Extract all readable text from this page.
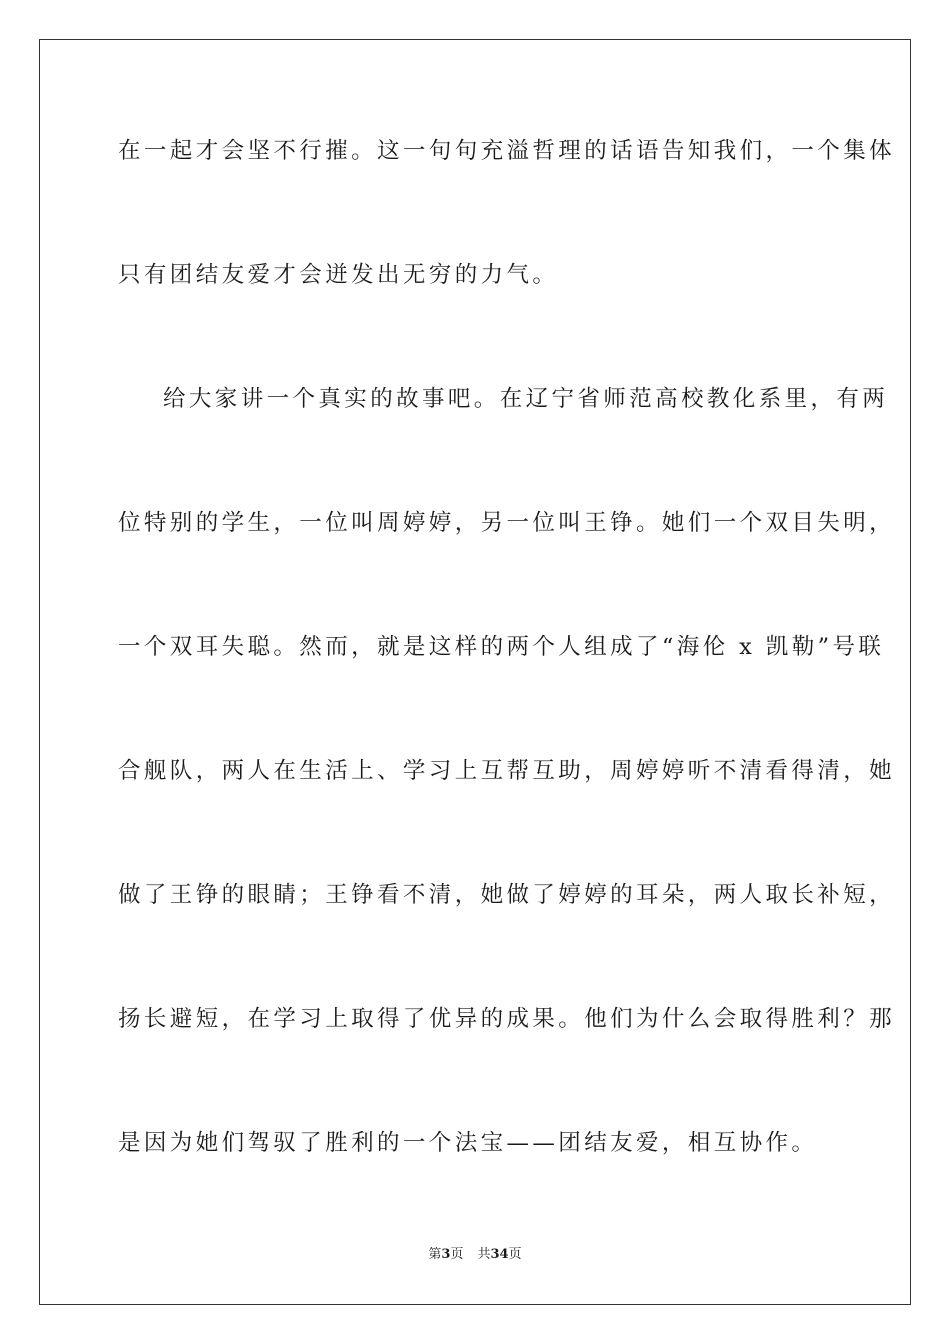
在一起才会坚不行摧。这一句句充溢哲理的话语告知我们，一个集体
只有团结友爱才会迸发出无穷的力气。
给大家讲一个真实的故事吧。在辽宁省师范高校教化系里，有两
位特别的学生，一位叫周婷婷，另一位叫王铮。她们一个双目失明，
一个双耳失聪。然而，就是这样的两个人组成了“海伦 x 凯勒”号联
合舰队，两人在生活上、学习上互帮互助，周婷婷听不清看得清，她
做了王铮的眼睛；王铮看不清，她做了婷婷的耳朵，两人取长补短，
扬长避短，在学习上取得了优异的成果。他们为什么会取得胜利？那
是因为她们驾驭了胜利的一个法宝——团结友爱，相互协作。
第3页 共34页
